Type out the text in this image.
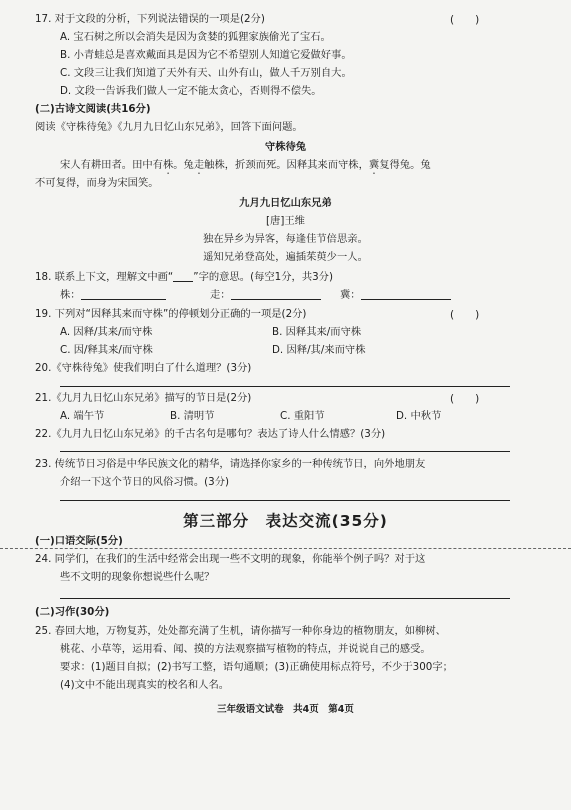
17. 对于文段的分析，下列说法错误的一项是(2分)	(　　)
A. 宝石树之所以会消失是因为贪婪的狐狸家族偷光了宝石。
B. 小青蛙总是喜欢戴面具是因为它不希望别人知道它爱做好事。
C. 文段三让我们知道了天外有天、山外有山，做人千万别自大。
D. 文段一告诉我们做人一定不能太贪心，否则得不偿失。
(二)古诗文阅读(共16分)
阅读《守株待兔》《九月九日忆山东兄弟》，回答下面问题。
守株待兔
宋人有耕田者。田中有株。兔走触株，折颈而死。因释其来而守株，冀复得兔。兔
不可复得，而身为宋国笑。
九月九日忆山东兄弟
[唐]王维
独在异乡为异客，每逢佳节倍思亲。
遥知兄弟登高处，遍插茱萸少一人。
18. 联系上下文，理解文中画“ ”字的意思。(每空1分，共3分)
株：	走：	冀：
19. 下列对“因释其来而守株”的停顿划分正确的一项是(2分)	(　　)
A. 因释/其来/而守株	B. 因释其来/而守株
C. 因/释其来/而守株	D. 因释/其/来而守株
20.《守株待兔》使我们明白了什么道理？(3分)
21.《九月九日忆山东兄弟》描写的节日是(2分)	(　　)
A. 端午节	B. 清明节	C. 重阳节	D. 中秋节
22.《九月九日忆山东兄弟》的千古名句是哪句？表达了诗人什么情感？(3分)
23. 传统节日习俗是中华民族文化的精华，请选择你家乡的一种传统节日，向外地朋友
介绍一下这个节日的风俗习惯。(3分)
第三部分　表达交流(35分)
(一)口语交际(5分)
24. 同学们，在我们的生活中经常会出现一些不文明的现象，你能举个例子吗？对于这
些不文明的现象你想说些什么呢？
(二)习作(30分)
25. 春回大地，万物复苏，处处都充满了生机，请你描写一种你身边的植物朋友，如柳树、
桃花、小草等，运用看、闻、摸的方法观察描写植物的特点，并说说自己的感受。
要求：(1)题目自拟；(2)书写工整，语句通顺；(3)正确使用标点符号，不少于300字；
(4)文中不能出现真实的校名和人名。
三年级语文试卷　共4页　第4页
